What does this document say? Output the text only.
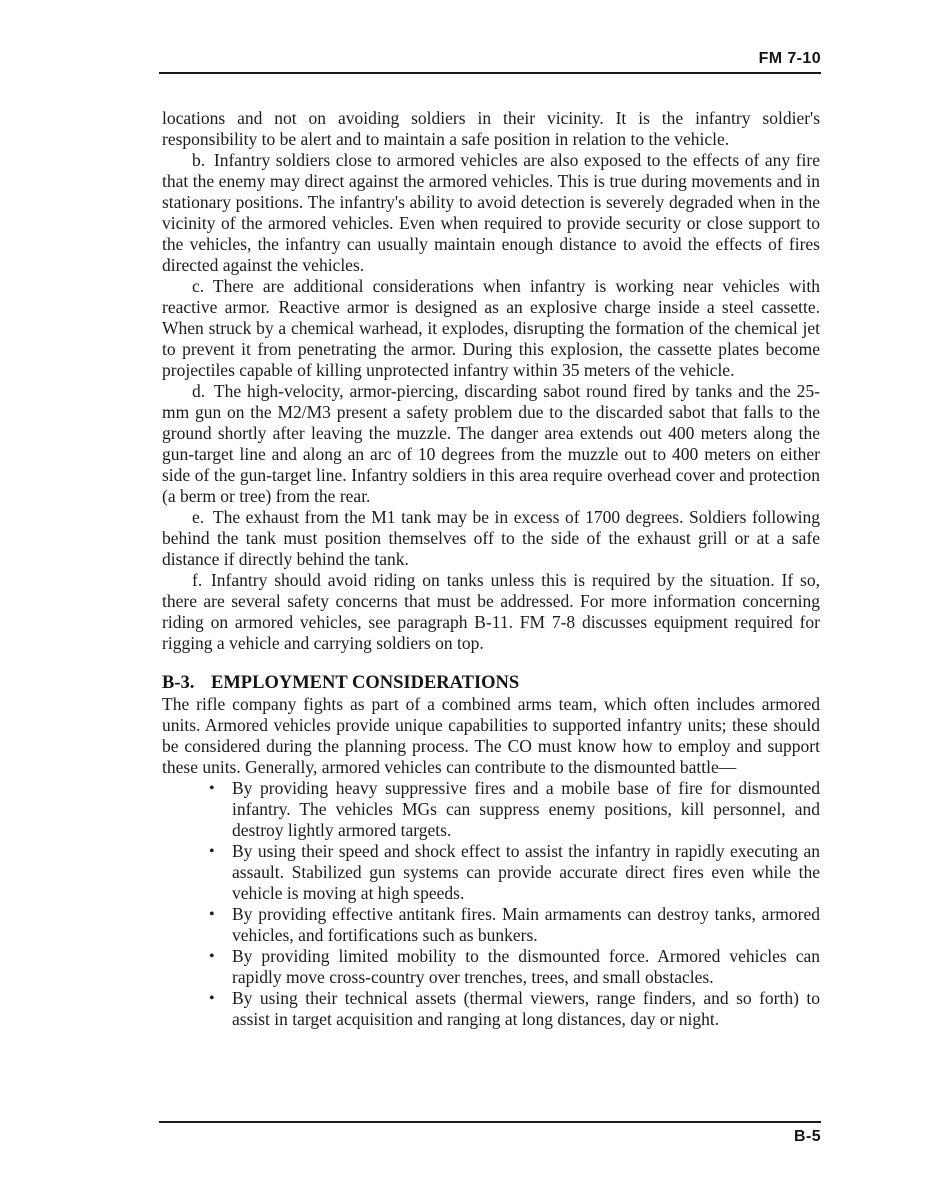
FM 7-10

locations and not on avoiding soldiers in their vicinity. It is the infantry soldier's responsibility to be alert and to maintain a safe position in relation to the vehicle.

b. Infantry soldiers close to armored vehicles are also exposed to the effects of any fire that the enemy may direct against the armored vehicles. This is true during movements and in stationary positions. The infantry's ability to avoid detection is severely degraded when in the vicinity of the armored vehicles. Even when required to provide security or close support to the vehicles, the infantry can usually maintain enough distance to avoid the effects of fires directed against the vehicles.

c. There are additional considerations when infantry is working near vehicles with reactive armor. Reactive armor is designed as an explosive charge inside a steel cassette. When struck by a chemical warhead, it explodes, disrupting the formation of the chemical jet to prevent it from penetrating the armor. During this explosion, the cassette plates become projectiles capable of killing unprotected infantry within 35 meters of the vehicle.

d. The high-velocity, armor-piercing, discarding sabot round fired by tanks and the 25-mm gun on the M2/M3 present a safety problem due to the discarded sabot that falls to the ground shortly after leaving the muzzle. The danger area extends out 400 meters along the gun-target line and along an arc of 10 degrees from the muzzle out to 400 meters on either side of the gun-target line. Infantry soldiers in this area require overhead cover and protection (a berm or tree) from the rear.

e. The exhaust from the M1 tank may be in excess of 1700 degrees. Soldiers following behind the tank must position themselves off to the side of the exhaust grill or at a safe distance if directly behind the tank.

f. Infantry should avoid riding on tanks unless this is required by the situation. If so, there are several safety concerns that must be addressed. For more information concerning riding on armored vehicles, see paragraph B-11. FM 7-8 discusses equipment required for rigging a vehicle and carrying soldiers on top.

B-3. EMPLOYMENT CONSIDERATIONS

The rifle company fights as part of a combined arms team, which often includes armored units. Armored vehicles provide unique capabilities to supported infantry units; these should be considered during the planning process. The CO must know how to employ and support these units. Generally, armored vehicles can contribute to the dismounted battle—

• By providing heavy suppressive fires and a mobile base of fire for dismounted infantry. The vehicles MGs can suppress enemy positions, kill personnel, and destroy lightly armored targets.
• By using their speed and shock effect to assist the infantry in rapidly executing an assault. Stabilized gun systems can provide accurate direct fires even while the vehicle is moving at high speeds.
• By providing effective antitank fires. Main armaments can destroy tanks, armored vehicles, and fortifications such as bunkers.
• By providing limited mobility to the dismounted force. Armored vehicles can rapidly move cross-country over trenches, trees, and small obstacles.
• By using their technical assets (thermal viewers, range finders, and so forth) to assist in target acquisition and ranging at long distances, day or night.
B-5
